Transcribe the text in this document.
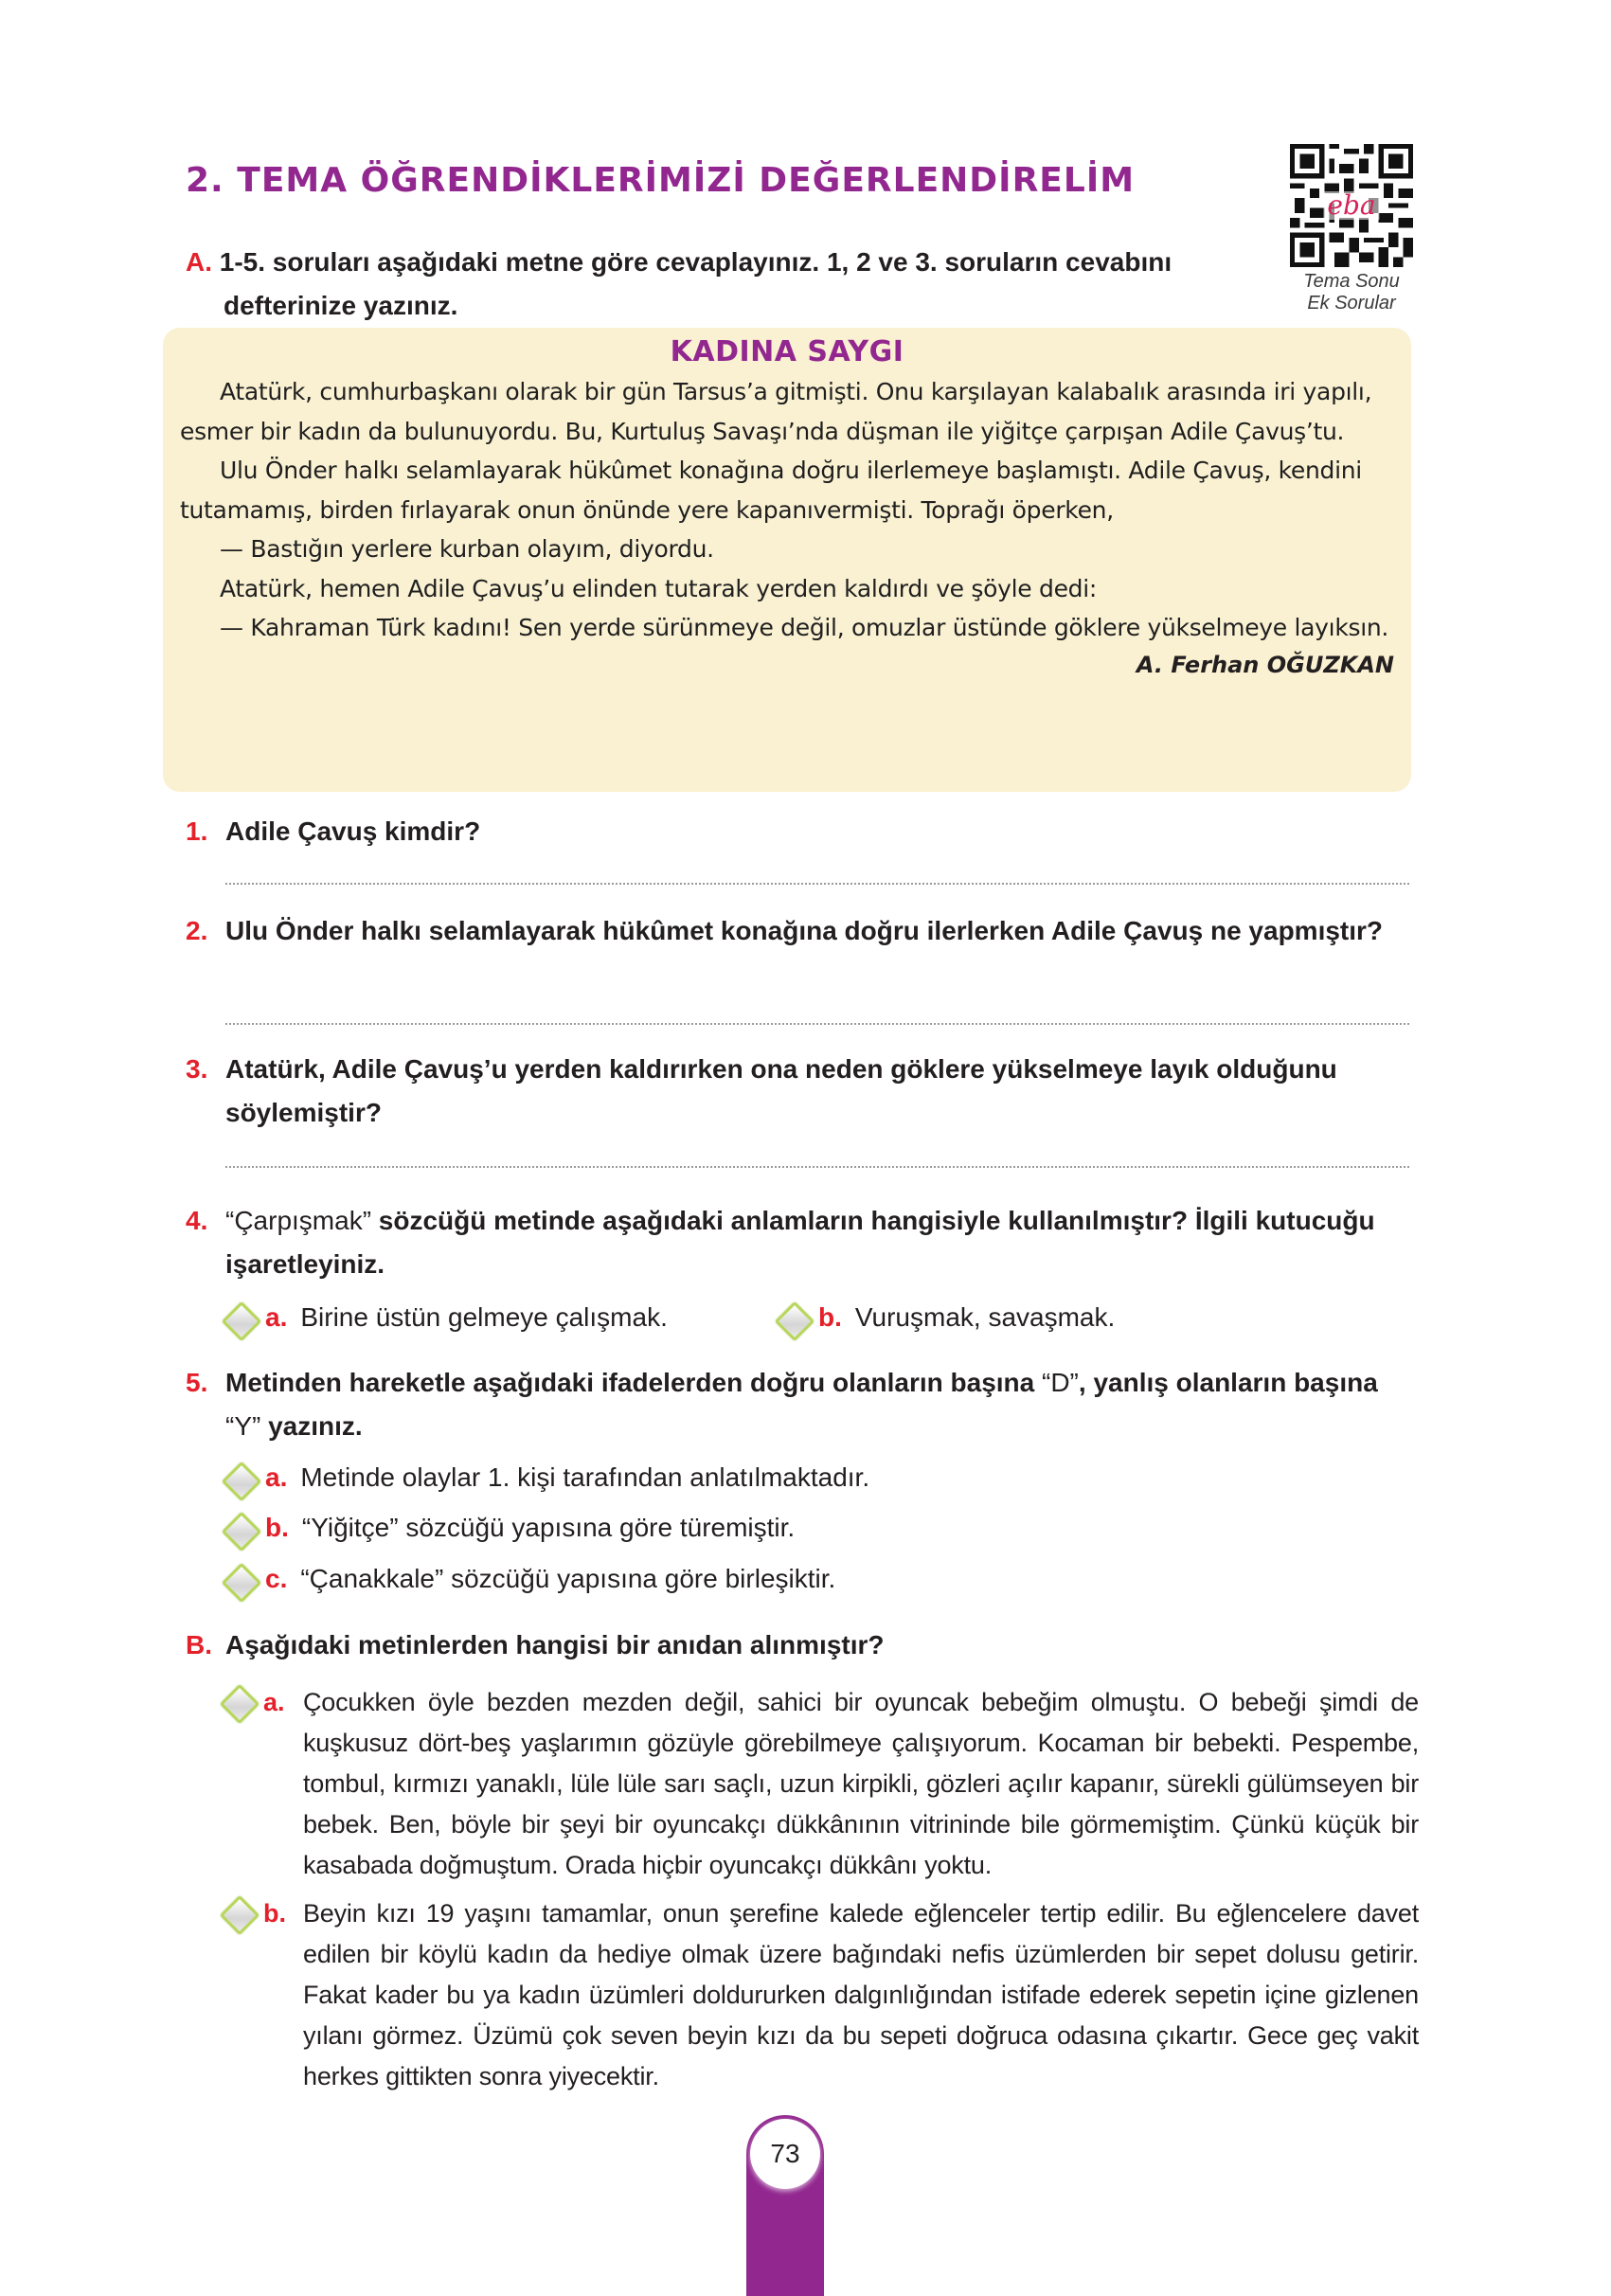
2. TEMA ÖĞRENDİKLERİMİZİ DEĞERLENDİRELİM
eba
Tema Sonu
Ek Sorular
A. 1-5. soruları aşağıdaki metne göre cevaplayınız. 1, 2 ve 3. soruların cevabını defterinize yazınız.
KADINA SAYGI

Atatürk, cumhurbaşkanı olarak bir gün Tarsus’a gitmişti. Onu karşılayan kalabalık arasında iri yapılı, esmer bir kadın da bulunuyordu. Bu, Kurtuluş Savaşı’nda düşman ile yiğitçe çarpışan Adile Çavuş’tu.

Ulu Önder halkı selamlayarak hükûmet konağına doğru ilerlemeye başlamıştı. Adile Çavuş, kendini tutamamış, birden fırlayarak onun önünde yere kapanıvermişti. Toprağı öperken,

— Bastığın yerlere kurban olayım, diyordu.

Atatürk, hemen Adile Çavuş’u elinden tutarak yerden kaldırdı ve şöyle dedi:

— Kahraman Türk kadını! Sen yerde sürünmeye değil, omuzlar üstünde göklere yükselmeye layıksın.

A. Ferhan OĞUZKAN
1. Adile Çavuş kimdir?
2. Ulu Önder halkı selamlayarak hükûmet konağına doğru ilerlerken Adile Çavuş ne yapmıştır?
3. Atatürk, Adile Çavuş’u yerden kaldırırken ona neden göklere yükselmeye layık olduğunu söylemiştir?
4. “Çarpışmak” sözcüğü metinde aşağıdaki anlamların hangisiyle kullanılmıştır? İlgili kutucuğu işaretleyiniz.
a. Birine üstün gelmeye çalışmak.	b. Vuruşmak, savaşmak.
5. Metinden hareketle aşağıdaki ifadelerden doğru olanların başına “D”, yanlış olanların başına “Y” yazınız.
a. Metinde olaylar 1. kişi tarafından anlatılmaktadır.
b. “Yiğitçe” sözcüğü yapısına göre türemiştir.
c. “Çanakkale” sözcüğü yapısına göre birleşiktir.
B. Aşağıdaki metinlerden hangisi bir anıdan alınmıştır?
a. Çocukken öyle bezden mezden değil, sahici bir oyuncak bebeğim olmuştu. O bebeği şimdi de kuşkusuz dört-beş yaşlarımın gözüyle görebilmeye çalışıyorum. Kocaman bir bebekti. Pespembe, tombul, kırmızı yanaklı, lüle lüle sarı saçlı, uzun kirpikli, gözleri açılır kapanır, sürekli gülümseyen bir bebek. Ben, böyle bir şeyi bir oyuncakçı dükkânının vitrininde bile görmemiştim. Çünkü küçük bir kasabada doğmuştum. Orada hiçbir oyuncakçı dükkânı yoktu.
b. Beyin kızı 19 yaşını tamamlar, onun şerefine kalede eğlenceler tertip edilir. Bu eğlencelere davet edilen bir köylü kadın da hediye olmak üzere bağındaki nefis üzümlerden bir sepet dolusu getirir. Fakat kader bu ya kadın üzümleri doldururken dalgınlığından istifade ederek sepetin içine gizlenen yılanı görmez. Üzümü çok seven beyin kızı da bu sepeti doğruca odasına çıkartır. Gece geç vakit herkes gittikten sonra yiyecektir.
73
